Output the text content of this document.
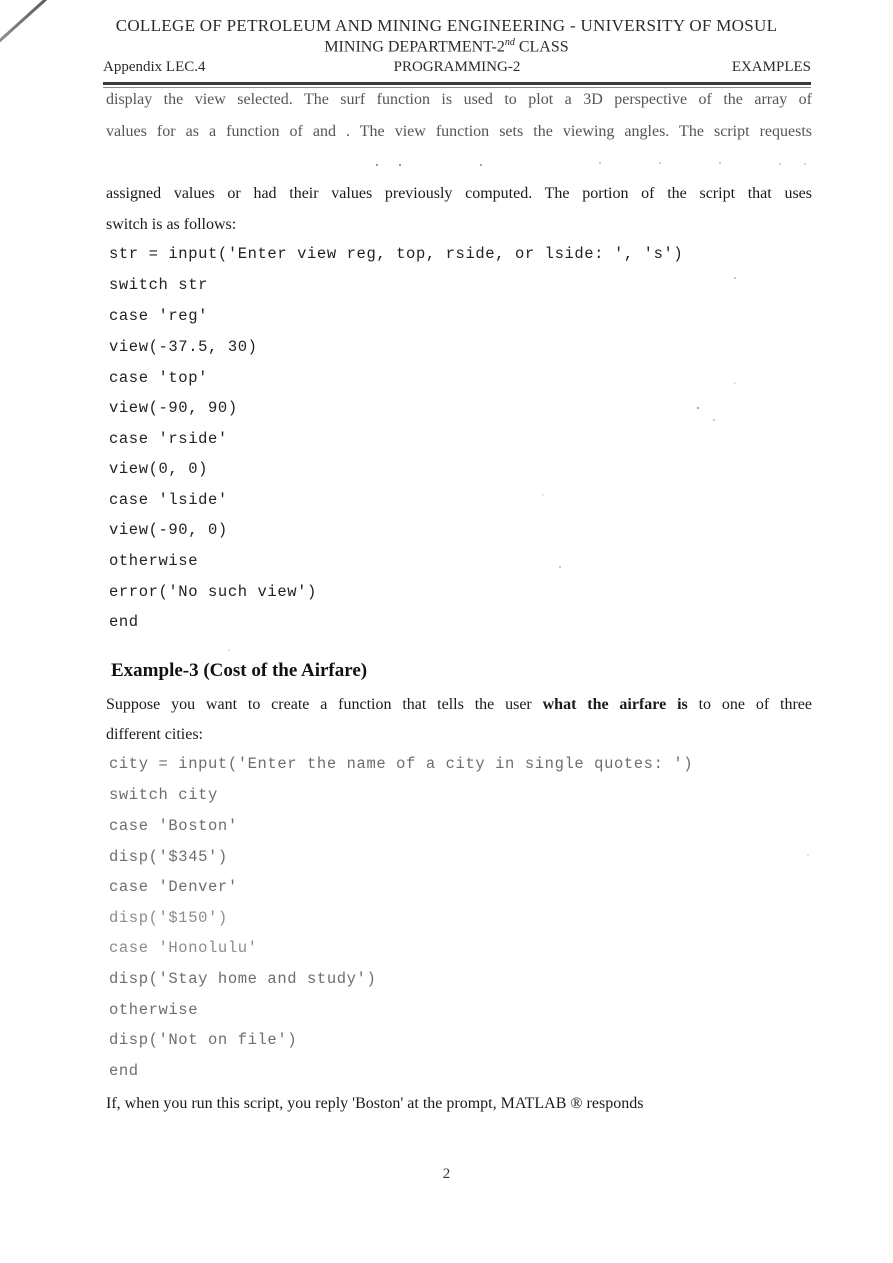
COLLEGE OF PETROLEUM AND MINING ENGINEERING - UNIVERSITY OF MOSUL
MINING DEPARTMENT-2nd CLASS
Appendix LEC.4	PROGRAMMING-2	EXAMPLES
display the view selected. The surf function is used to plot a 3D perspective of the array of
values for as a function of and . The view function sets the viewing angles. The script requests
assigned values or had their values previously computed. The portion of the script that uses
switch is as follows:
str = input('Enter view reg, top, rside, or lside: ', 's')
switch str
case 'reg'
view(-37.5, 30)
case 'top'
view(-90, 90)
case 'rside'
view(0, 0)
case 'lside'
view(-90, 0)
otherwise
error('No such view')
end
Example-3 (Cost of the Airfare)
Suppose you want to create a function that tells the user what the airfare is to one of three
different cities:
city = input('Enter the name of a city in single quotes: ')
switch city
case 'Boston'
disp('$345')
case 'Denver'
disp('$150')
case 'Honolulu'
disp('Stay home and study')
otherwise
disp('Not on file')
end
If, when you run this script, you reply 'Boston' at the prompt, MATLAB ® responds
2
